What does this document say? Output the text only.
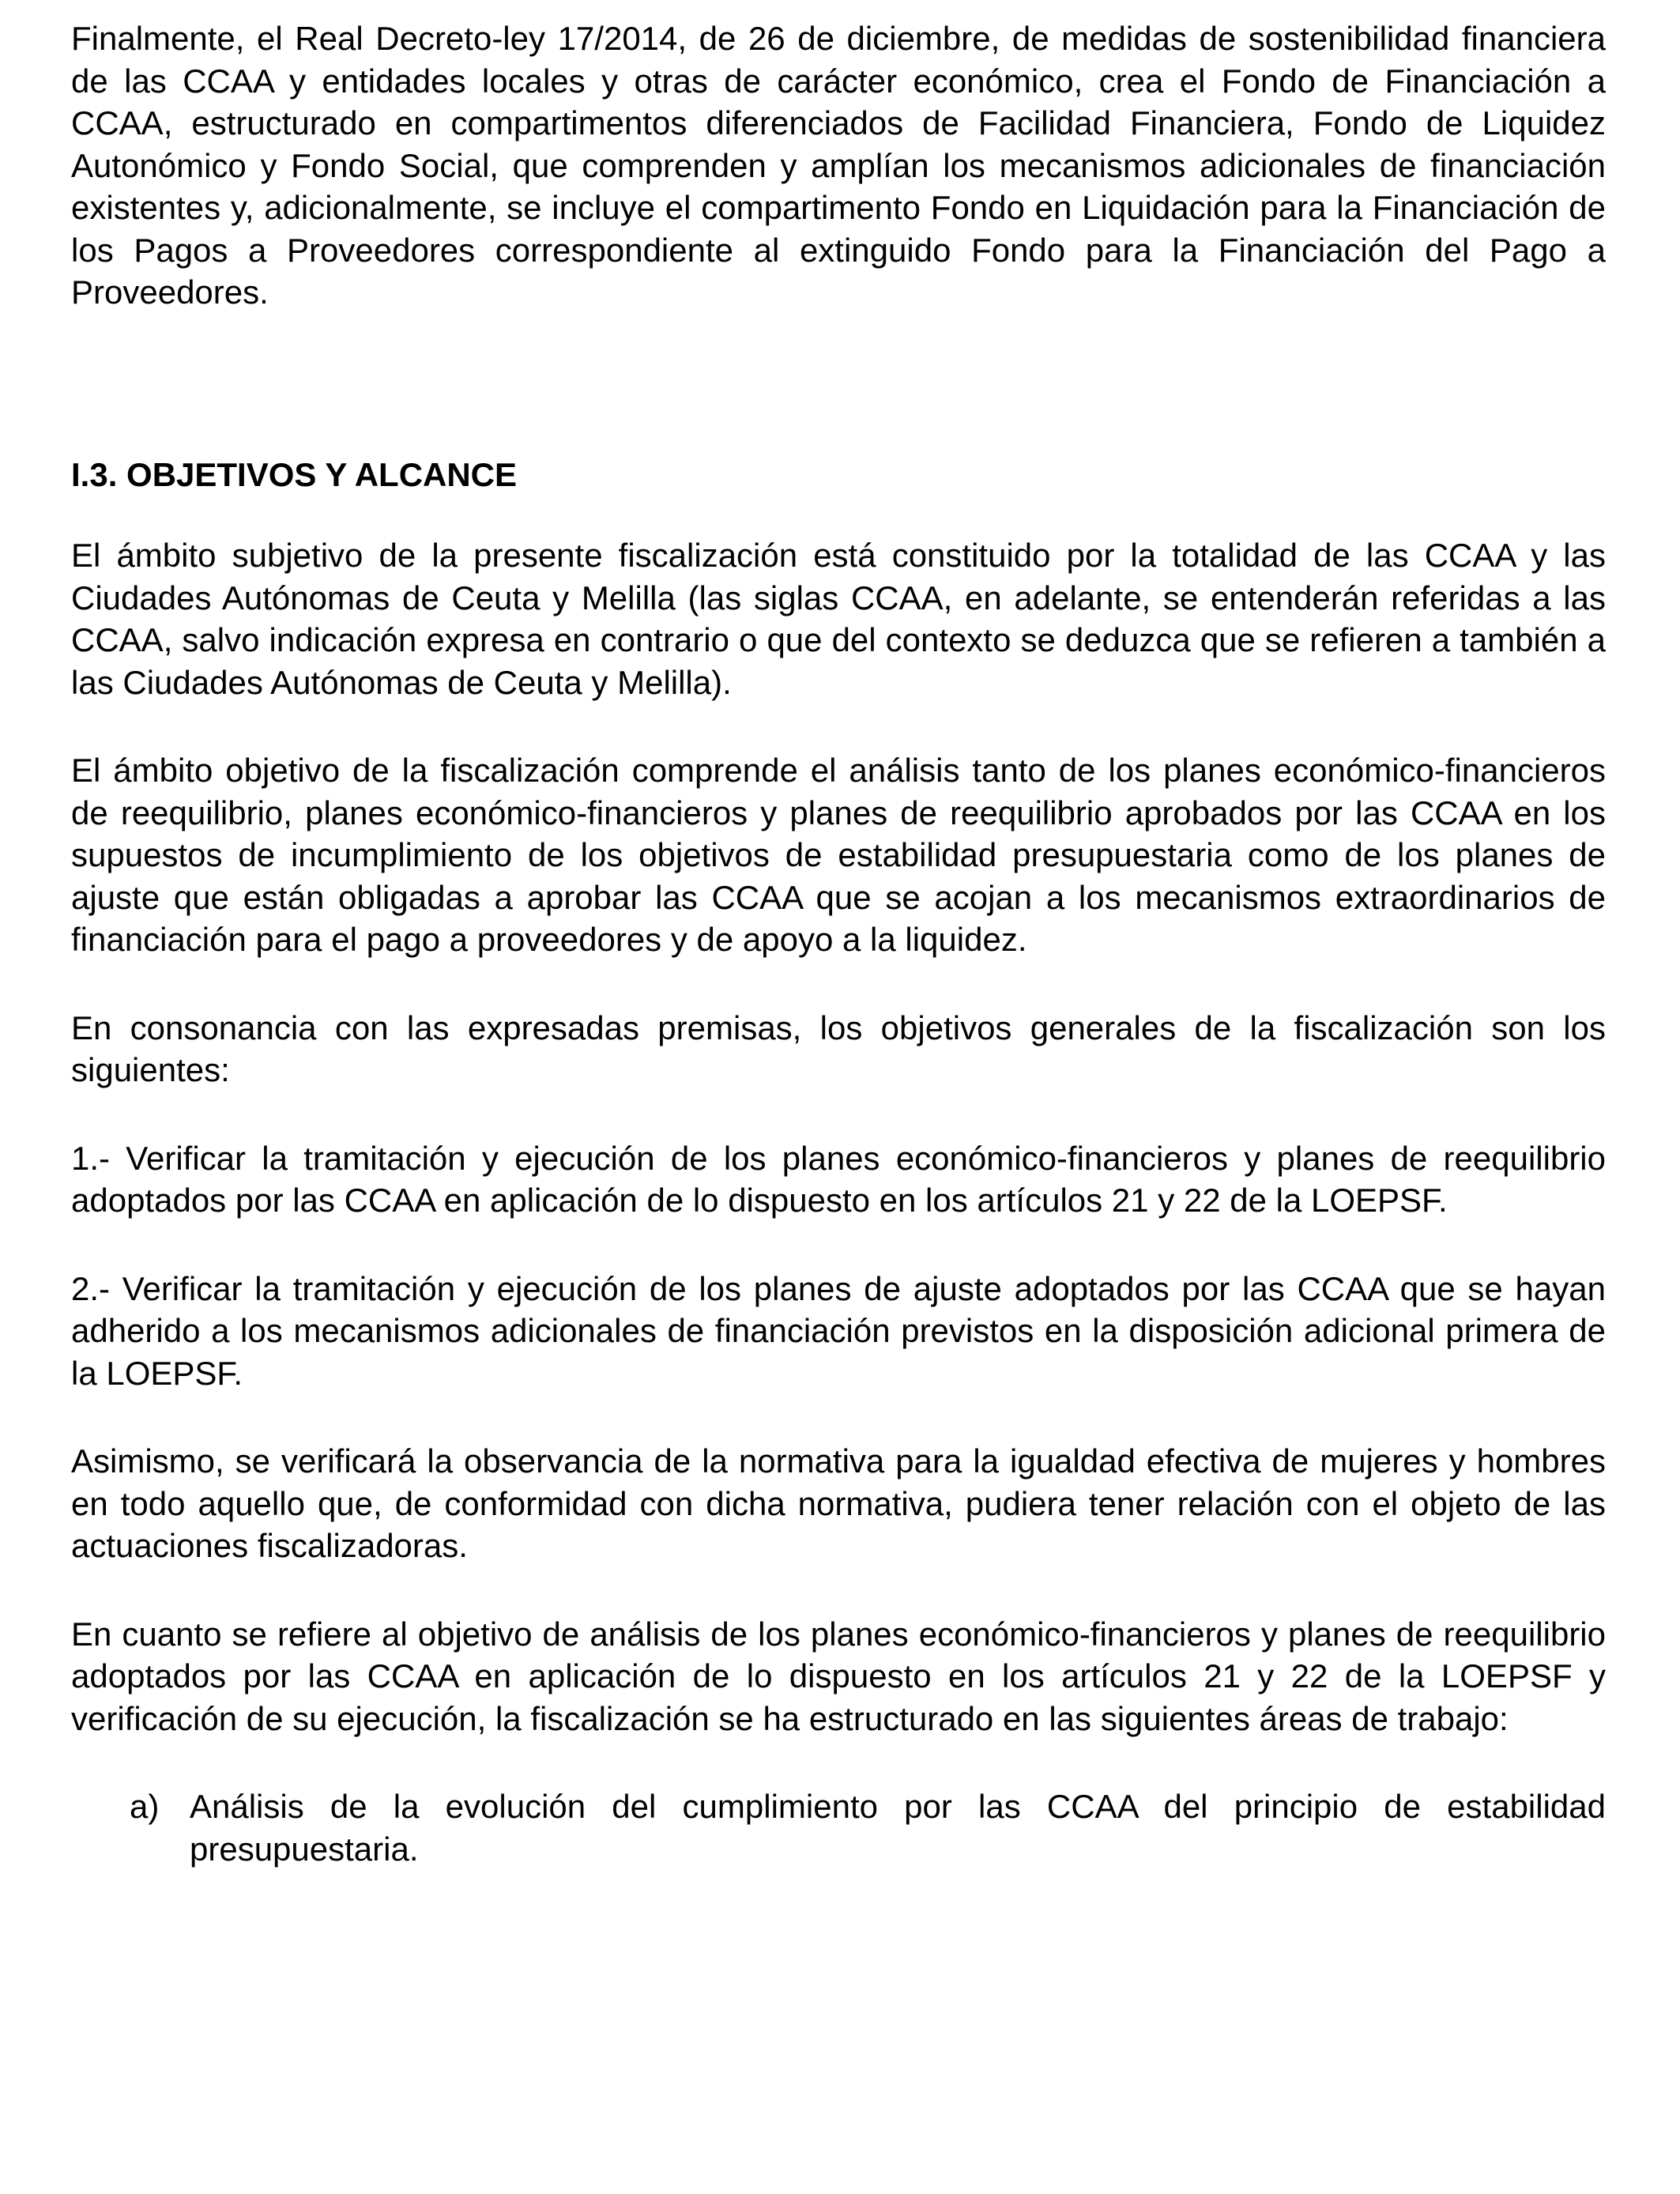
Finalmente, el Real Decreto-ley 17/2014, de 26 de diciembre, de medidas de sostenibilidad financiera de las CCAA y entidades locales y otras de carácter económico, crea el Fondo de Financiación a CCAA, estructurado en compartimentos diferenciados de Facilidad Financiera, Fondo de Liquidez Autonómico y Fondo Social, que comprenden y amplían los mecanismos adicionales de financiación existentes y, adicionalmente, se incluye el compartimento Fondo en Liquidación para la Financiación de los Pagos a Proveedores correspondiente al extinguido Fondo para la Financiación del Pago a Proveedores.

I.3. OBJETIVOS Y ALCANCE

El ámbito subjetivo de la presente fiscalización está constituido por la totalidad de las CCAA y las Ciudades Autónomas de Ceuta y Melilla (las siglas CCAA, en adelante, se entenderán referidas a las CCAA, salvo indicación expresa en contrario o que del contexto se deduzca que se refieren a también a las Ciudades Autónomas de Ceuta y Melilla).

El ámbito objetivo de la fiscalización comprende el análisis tanto de los planes económico-financieros de reequilibrio, planes económico-financieros y planes de reequilibrio aprobados por las CCAA en los supuestos de incumplimiento de los objetivos de estabilidad presupuestaria como de los planes de ajuste que están obligadas a aprobar las CCAA que se acojan a los mecanismos extraordinarios de financiación para el pago a proveedores y de apoyo a la liquidez.

En consonancia con las expresadas premisas, los objetivos generales de la fiscalización son los siguientes:

1.- Verificar la tramitación y ejecución de los planes económico-financieros y planes de reequilibrio adoptados por las CCAA en aplicación de lo dispuesto en los artículos 21 y 22 de la LOEPSF.

2.- Verificar la tramitación y ejecución de los planes de ajuste adoptados por las CCAA que se hayan adherido a los mecanismos adicionales de financiación previstos en la disposición adicional primera de la LOEPSF.

Asimismo, se verificará la observancia de la normativa para la igualdad efectiva de mujeres y hombres en todo aquello que, de conformidad con dicha normativa, pudiera tener relación con el objeto de las actuaciones fiscalizadoras.

En cuanto se refiere al objetivo de análisis de los planes económico-financieros y planes de reequilibrio adoptados por las CCAA en aplicación de lo dispuesto en los artículos 21 y 22 de la LOEPSF y verificación de su ejecución, la fiscalización se ha estructurado en las siguientes áreas de trabajo:

a) Análisis de la evolución del cumplimiento por las CCAA del principio de estabilidad presupuestaria.
